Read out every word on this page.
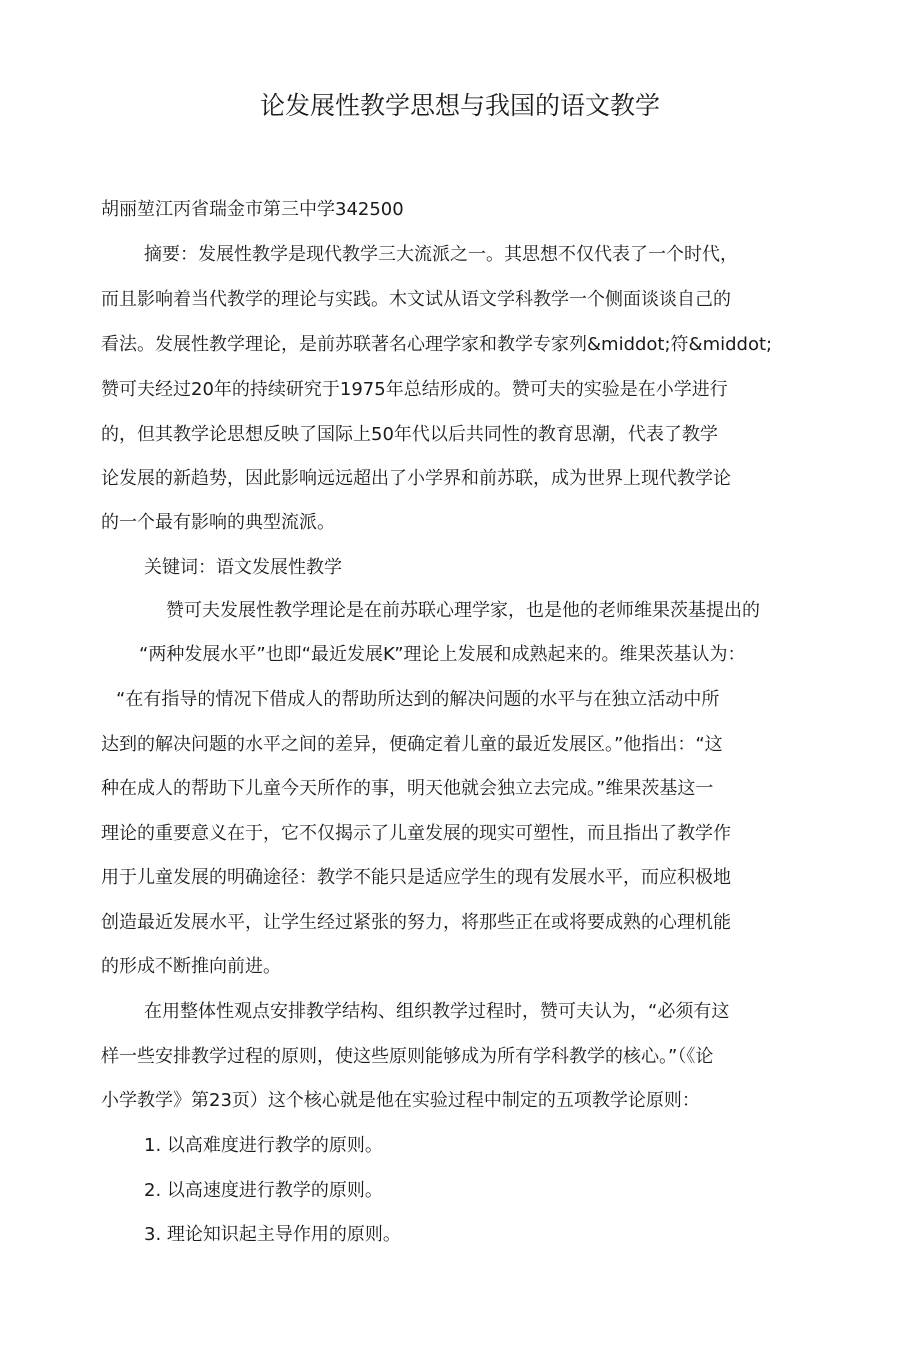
论发展性教学思想与我国的语文教学

胡丽堃江丙省瑞金市第三中学342500

摘要：发展性教学是现代教学三大流派之一。其思想不仅代表了一个时代，

而且影响着当代教学的理论与实践。木文试从语文学科教学一个侧面谈谈自己的

看法。发展性教学理论，是前苏联著名心理学家和教学专家列&middot;符&middot;

赞可夫经过20年的持续研究于1975年总结形成的。赞可夫的实验是在小学进行

的，但其教学论思想反映了国际上50年代以后共同性的教育思潮，代表了教学

论发展的新趋势，因此影响远远超出了小学界和前苏联，成为世界上现代教学论

的一个最有影响的典型流派。

关键词：语文发展性教学

赞可夫发展性教学理论是在前苏联心理学家，也是他的老师维果茨基提出的

“两种发展水平”也即“最近发展K”理论上发展和成熟起来的。维果茨基认为：

“在有指导的情况下借成人的帮助所达到的解决问题的水平与在独立活动中所

达到的解决问题的水平之间的差异，便确定着儿童的最近发展区。”他指出：“这

种在成人的帮助下儿童今天所作的事，明天他就会独立去完成。”维果茨基这一

理论的重要意义在于，它不仅揭示了儿童发展的现实可塑性，而且指出了教学作

用于儿童发展的明确途径：教学不能只是适应学生的现有发展水平，而应积极地

创造最近发展水平，让学生经过紧张的努力，将那些正在或将要成熟的心理机能

的形成不断推向前进。

在用整体性观点安排教学结构、组织教学过程时，赞可夫认为，“必须有这

样一些安排教学过程的原则，使这些原则能够成为所有学科教学的核心。”（《论

小学教学》第23页）这个核心就是他在实验过程中制定的五项教学论原则：

1. 以高难度进行教学的原则。

2. 以高速度进行教学的原则。

3. 理论知识起主导作用的原则。
